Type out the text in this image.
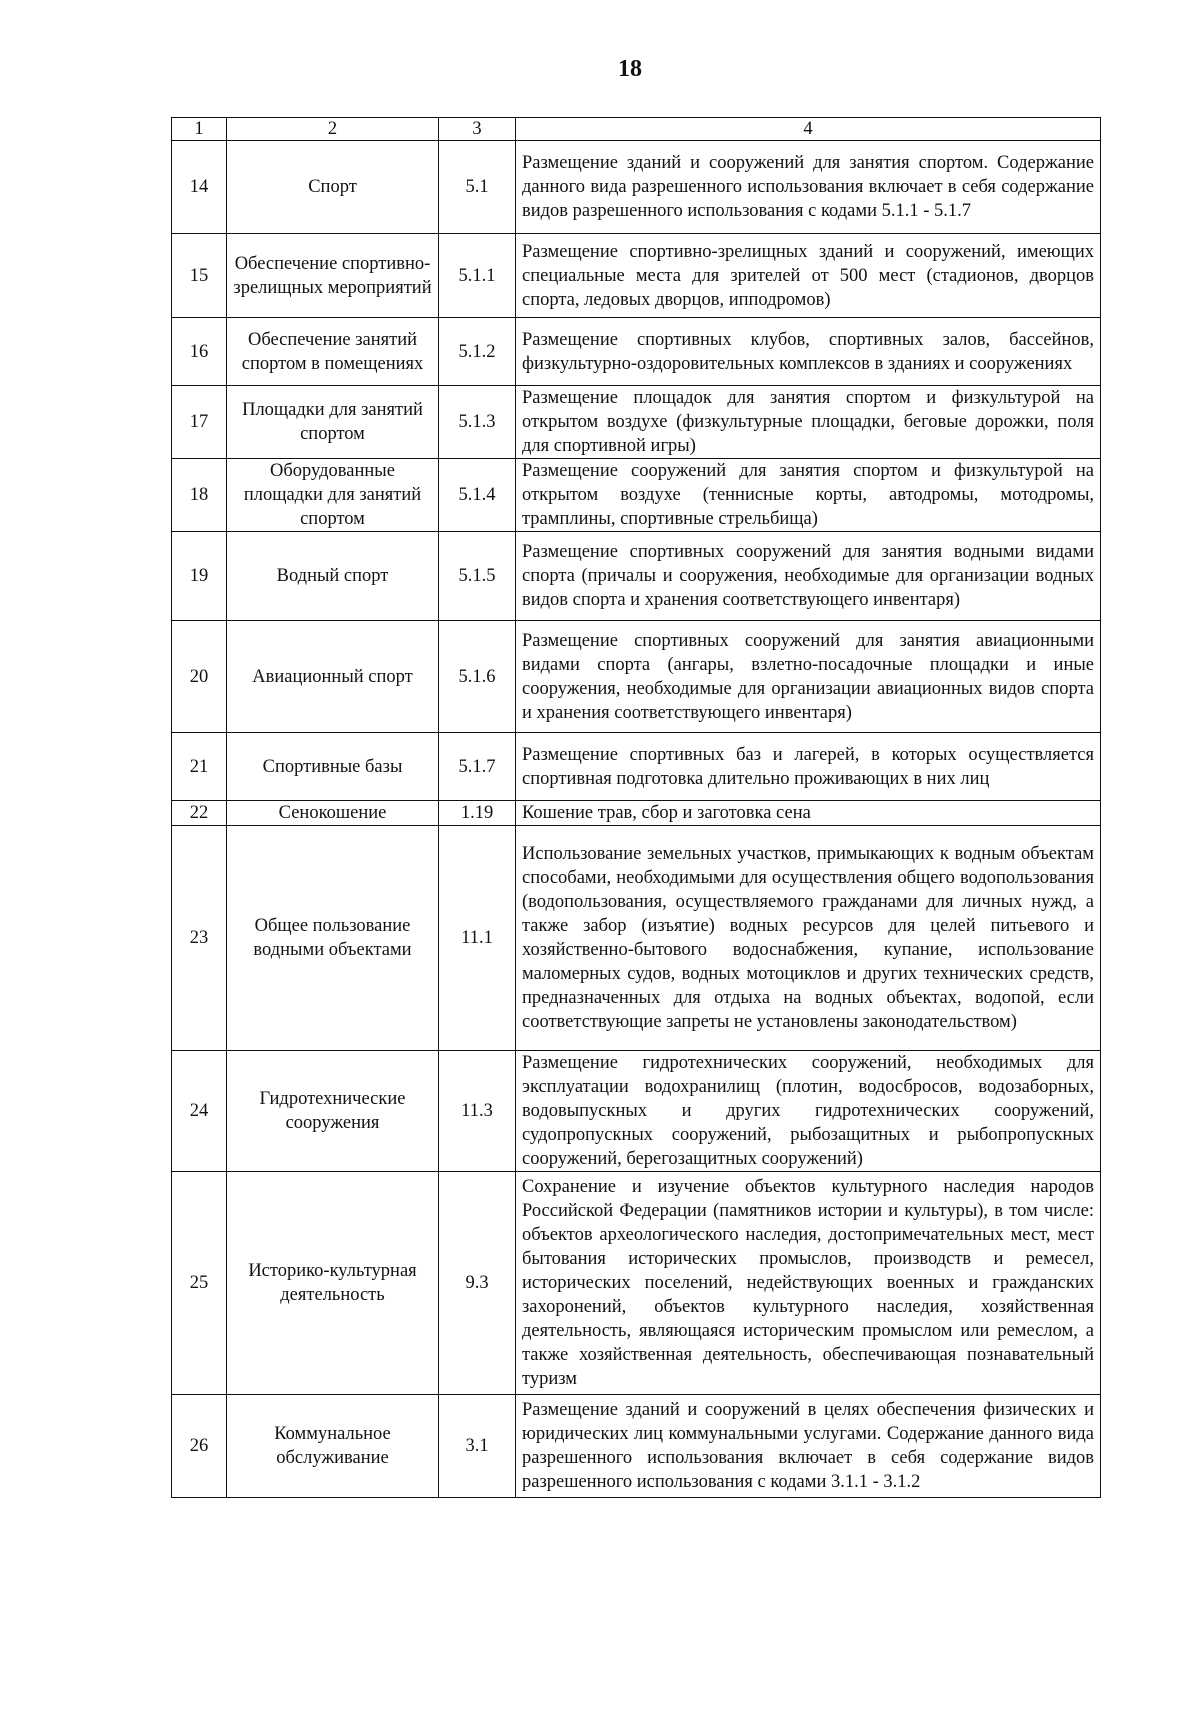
18
1	2	3	4
14	Спорт	5.1	Размещение зданий и сооружений для занятия спортом. Содержание данного вида разрешенного использования включает в себя содержание видов разрешенного использования с кодами 5.1.1 - 5.1.7
15	Обеспечение спортивно-зрелищных мероприятий	5.1.1	Размещение спортивно-зрелищных зданий и сооружений, имеющих специальные места для зрителей от 500 мест (стадионов, дворцов спорта, ледовых дворцов, ипподромов)
16	Обеспечение занятий спортом в помещениях	5.1.2	Размещение спортивных клубов, спортивных залов, бассейнов, физкультурно-оздоровительных комплексов в зданиях и сооружениях
17	Площадки для занятий спортом	5.1.3	Размещение площадок для занятия спортом и физкультурой на открытом воздухе (физкультурные площадки, беговые дорожки, поля для спортивной игры)
18	Оборудованные площадки для занятий спортом	5.1.4	Размещение сооружений для занятия спортом и физкультурой на открытом воздухе (теннисные корты, автодромы, мотодромы, трамплины, спортивные стрельбища)
19	Водный спорт	5.1.5	Размещение спортивных сооружений для занятия водными видами спорта (причалы и сооружения, необходимые для организации водных видов спорта и хранения соответствующего инвентаря)
20	Авиационный спорт	5.1.6	Размещение спортивных сооружений для занятия авиационными видами спорта (ангары, взлетно-посадочные площадки и иные сооружения, необходимые для организации авиационных видов спорта и хранения соответствующего инвентаря)
21	Спортивные базы	5.1.7	Размещение спортивных баз и лагерей, в которых осуществляется спортивная подготовка длительно проживающих в них лиц
22	Сенокошение	1.19	Кошение трав, сбор и заготовка сена
23	Общее пользование водными объектами	11.1	Использование земельных участков, примыкающих к водным объектам способами, необходимыми для осуществления общего водопользования (водопользования, осуществляемого гражданами для личных нужд, а также забор (изъятие) водных ресурсов для целей питьевого и хозяйственно-бытового водоснабжения, купание, использование маломерных судов, водных мотоциклов и других технических средств, предназначенных для отдыха на водных объектах, водопой, если соответствующие запреты не установлены законодательством)
24	Гидротехнические сооружения	11.3	Размещение гидротехнических сооружений, необходимых для эксплуатации водохранилищ (плотин, водосбросов, водозаборных, водовыпускных и других гидротехнических сооружений, судопропускных сооружений, рыбозащитных и рыбопропускных сооружений, берегозащитных сооружений)
25	Историко-культурная деятельность	9.3	Сохранение и изучение объектов культурного наследия народов Российской Федерации (памятников истории и культуры), в том числе: объектов археологического наследия, достопримечательных мест, мест бытования исторических промыслов, производств и ремесел, исторических поселений, недействующих военных и гражданских захоронений, объектов культурного наследия, хозяйственная деятельность, являющаяся историческим промыслом или ремеслом, а также хозяйственная деятельность, обеспечивающая познавательный туризм
26	Коммунальное обслуживание	3.1	Размещение зданий и сооружений в целях обеспечения физических и юридических лиц коммунальными услугами. Содержание данного вида разрешенного использования включает в себя содержание видов разрешенного использования с кодами 3.1.1 - 3.1.2
